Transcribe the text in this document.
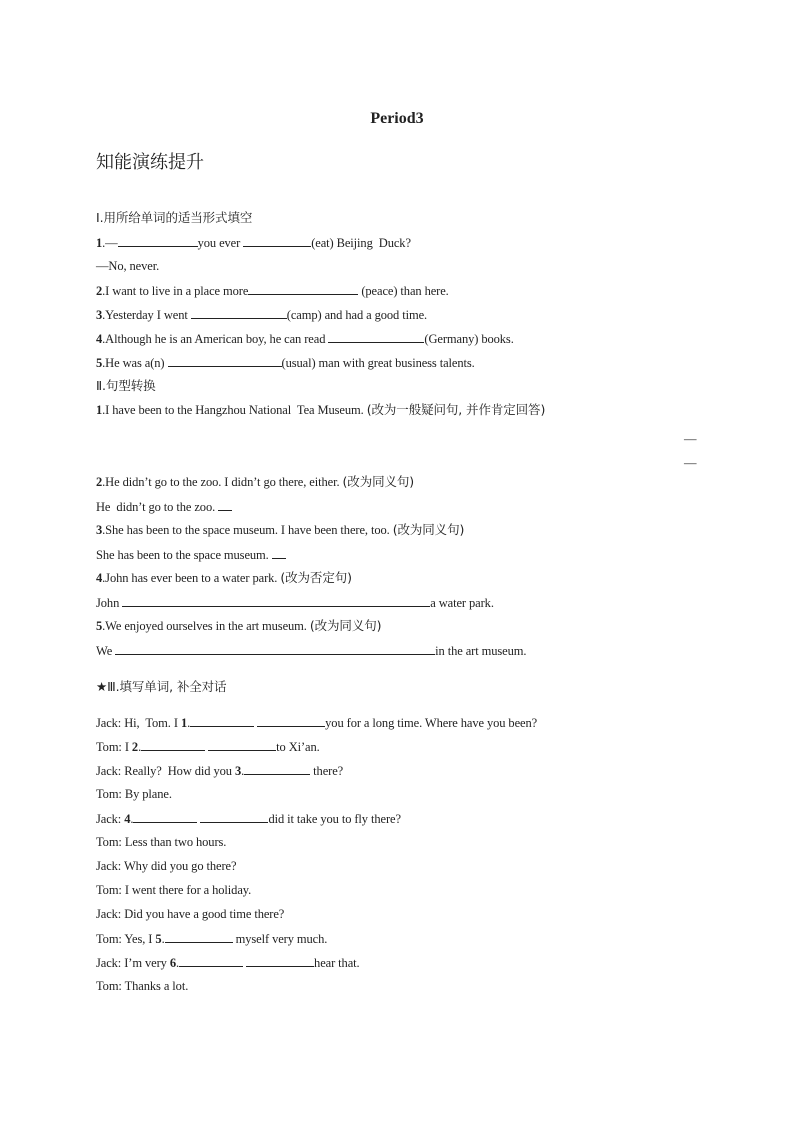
Period3
知能演练提升
Ⅰ.用所给单词的适当形式填空
1.—	you ever	(eat) Beijing  Duck?
—No, never.
2.I want to live in a place more	(peace) than here.
3.Yesterday I went	(camp) and had a good time.
4.Although he is an American boy, he can read	(Germany) books.
5.He was a(n)	(usual) man with great business talents.
Ⅱ.句型转换
1.I have been to the Hangzhou National  Tea Museum. (改为一般疑问句, 并作肯定回答)
—
—
2.He didn’t go to the zoo. I didn’t go there, either. (改为同义句)
He  didn’t go to the zoo.
3.She has been to the space museum. I have been there, too. (改为同义句)
She has been to the space museum.
4.John has ever been to a water park. (改为否定句)
John	a water park.
5.We enjoyed ourselves in the art museum. (改为同义句)
We	in the art museum.
★Ⅲ.填写单词, 补全对话
Jack: Hi,  Tom. I 1.	you for a long time. Where have you been?
Tom: I 2.	to Xi’an.
Jack: Really?  How did you 3.	there?
Tom: By plane.
Jack: 4.	did it take you to fly there?
Tom: Less than two hours.
Jack: Why did you go there?
Tom: I went there for a holiday.
Jack: Did you have a good time there?
Tom: Yes, I 5.	myself very much.
Jack: I’m very 6.	hear that.
Tom: Thanks a lot.
